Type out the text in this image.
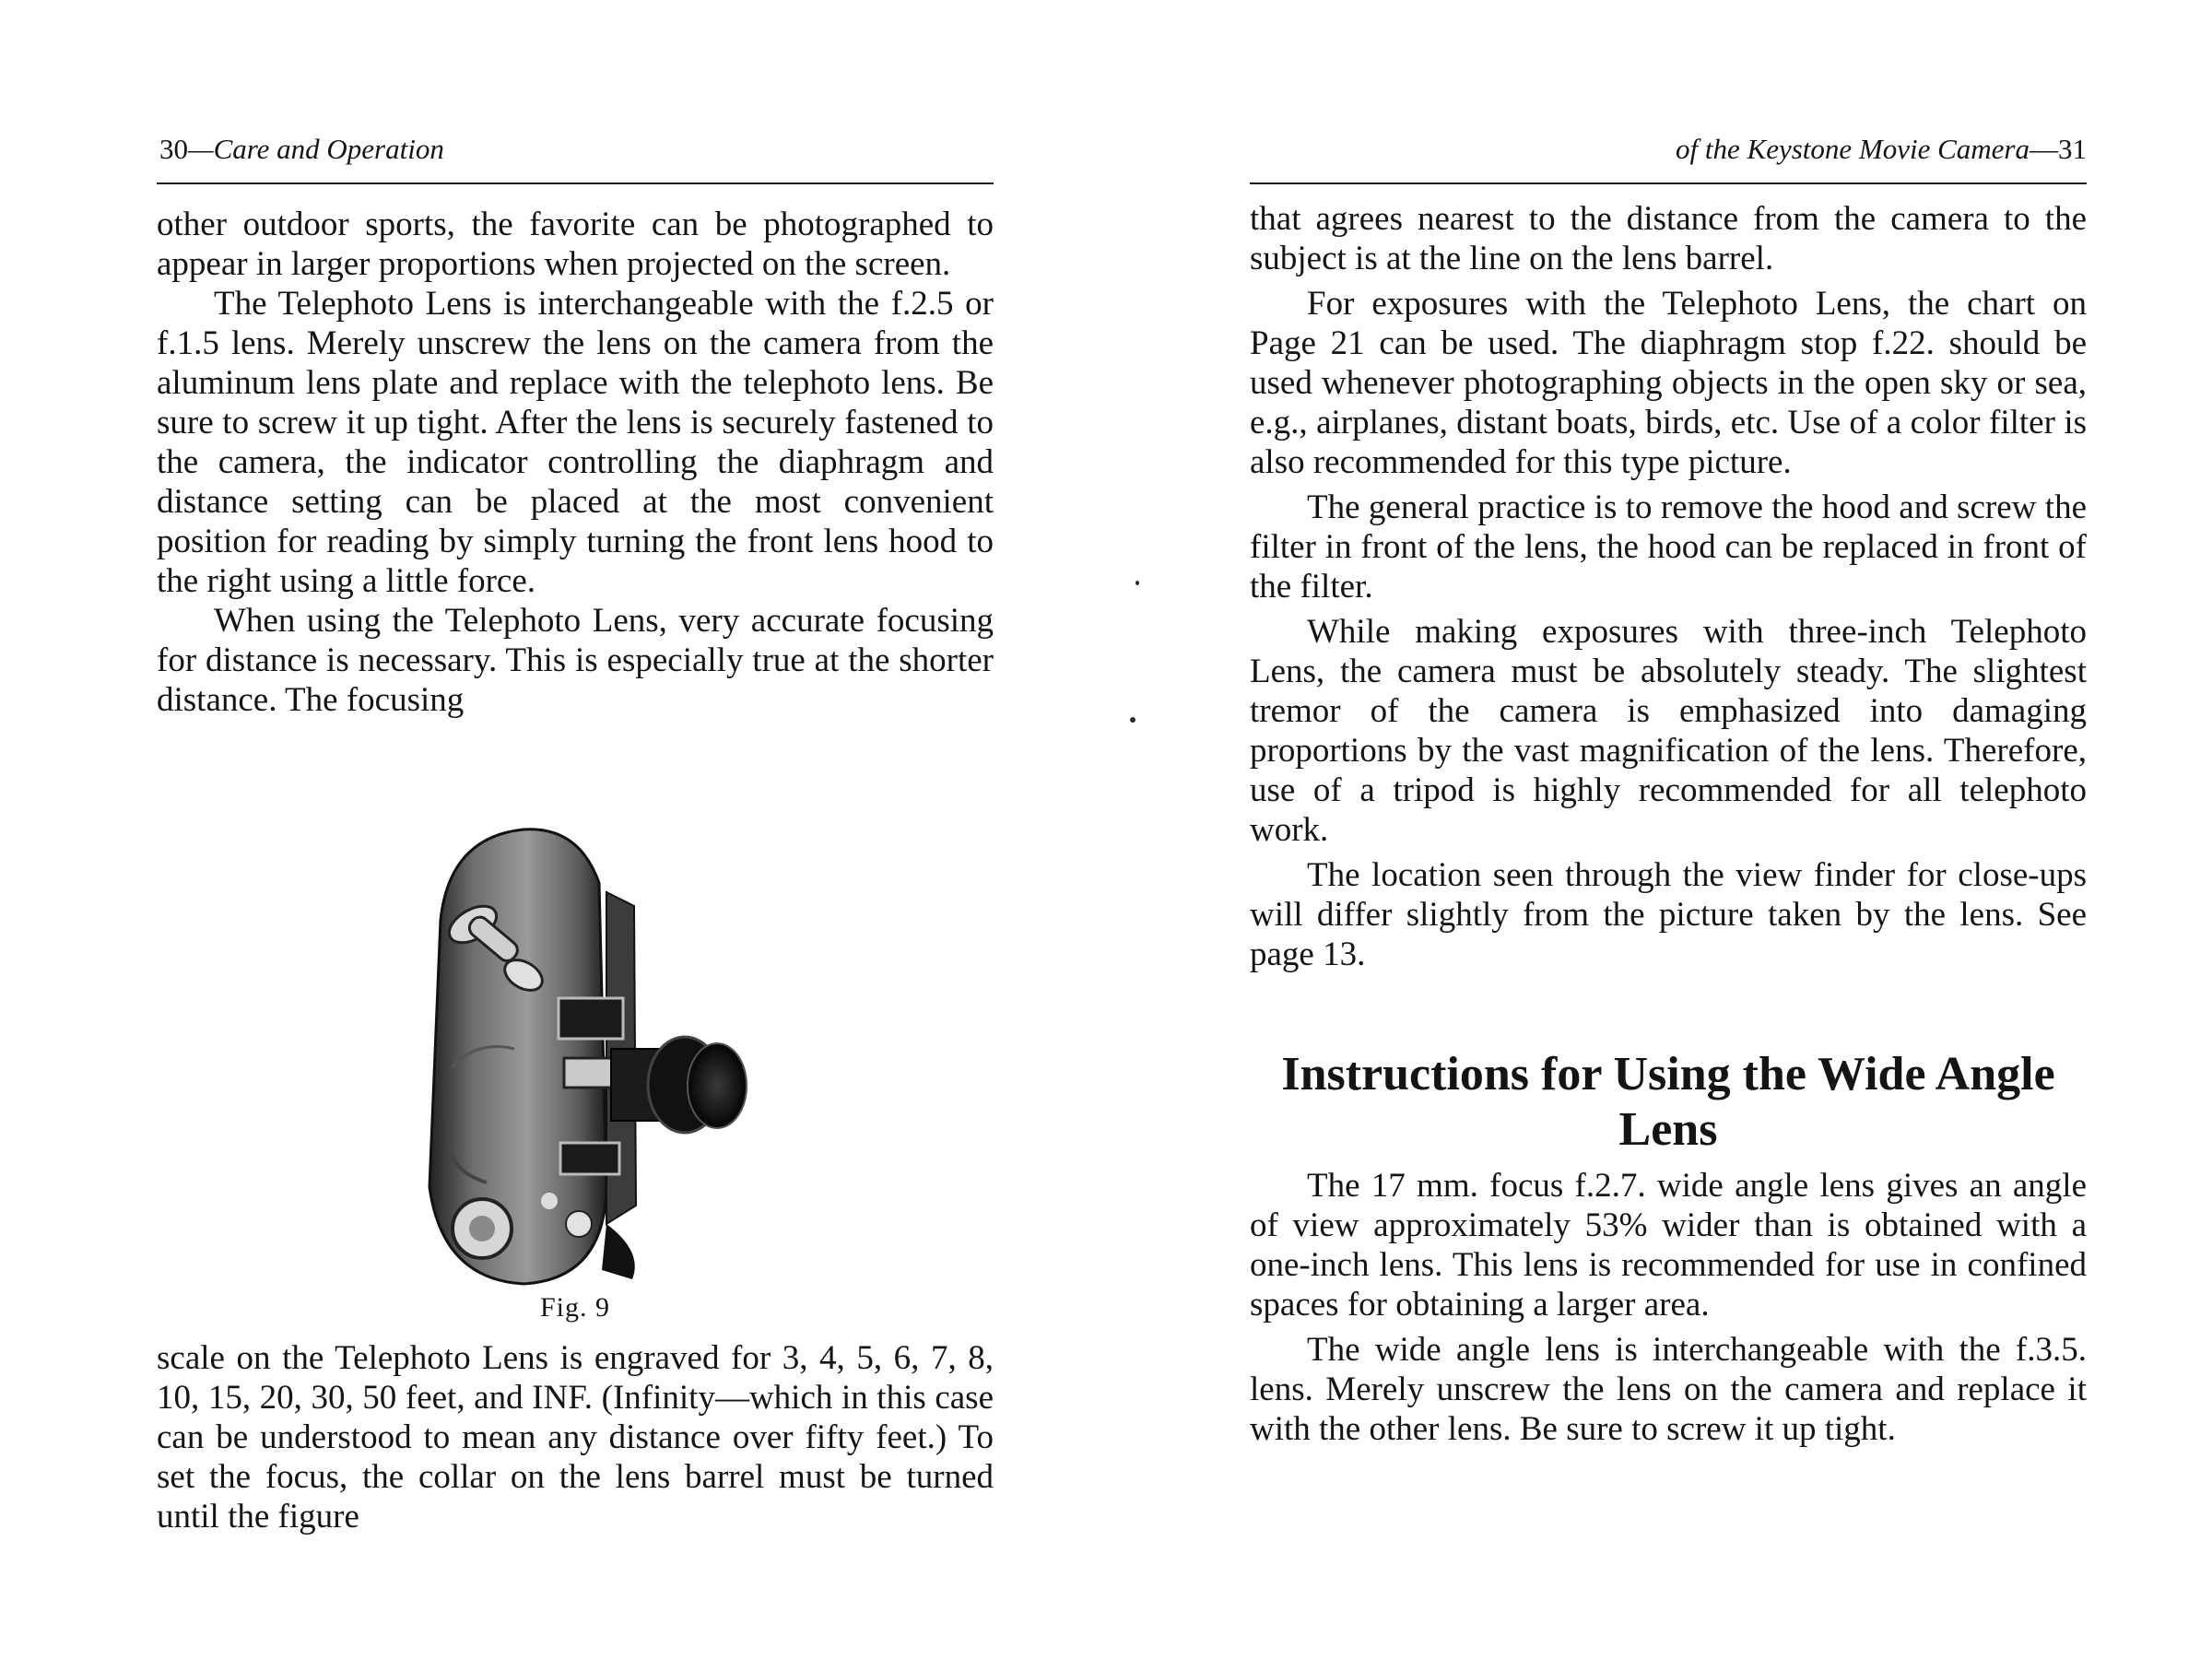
30—Care and Operation

other outdoor sports, the favorite can be photographed to appear in larger proportions when projected on the screen.

The Telephoto Lens is interchangeable with the f.2.5 or f.1.5 lens. Merely unscrew the lens on the camera from the aluminum lens plate and replace with the telephoto lens. Be sure to screw it up tight. After the lens is securely fastened to the camera, the indicator controlling the diaphragm and distance setting can be placed at the most convenient position for reading by simply turning the front lens hood to the right using a little force.

When using the Telephoto Lens, very accurate focusing for distance is necessary. This is especially true at the shorter distance. The focusing

Fig. 9

scale on the Telephoto Lens is engraved for 3, 4, 5, 6, 7, 8, 10, 15, 20, 30, 50 feet, and INF. (Infinity—which in this case can be understood to mean any distance over fifty feet.) To set the focus, the collar on the lens barrel must be turned until the figure

of the Keystone Movie Camera—31

that agrees nearest to the distance from the camera to the subject is at the line on the lens barrel.

For exposures with the Telephoto Lens, the chart on Page 21 can be used. The diaphragm stop f.22. should be used whenever photographing objects in the open sky or sea, e.g., airplanes, distant boats, birds, etc. Use of a color filter is also recommended for this type picture.

The general practice is to remove the hood and screw the filter in front of the lens, the hood can be replaced in front of the filter.

While making exposures with three-inch Telephoto Lens, the camera must be absolutely steady. The slightest tremor of the camera is emphasized into damaging proportions by the vast magnification of the lens. Therefore, use of a tripod is highly recommended for all telephoto work.

The location seen through the view finder for close-ups will differ slightly from the picture taken by the lens. See page 13.

Instructions for Using the Wide Angle Lens

The 17 mm. focus f.2.7. wide angle lens gives an angle of view approximately 53% wider than is obtained with a one-inch lens. This lens is recommended for use in confined spaces for obtaining a larger area.

The wide angle lens is interchangeable with the f.3.5. lens. Merely unscrew the lens on the camera and replace it with the other lens. Be sure to screw it up tight.
